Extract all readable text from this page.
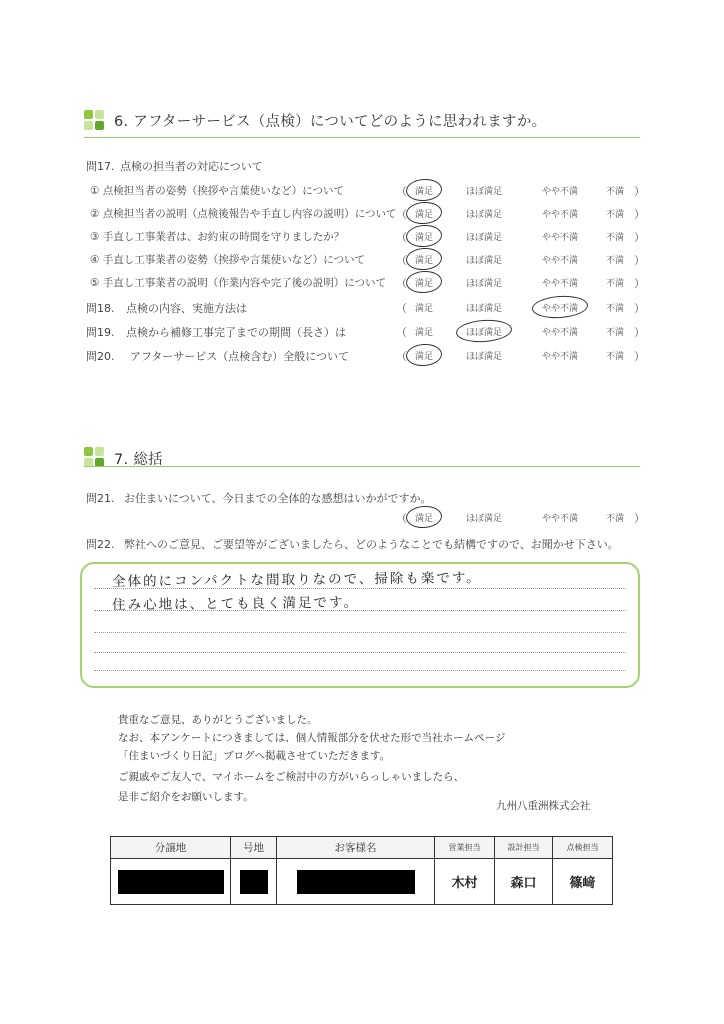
6. アフターサービス（点検）についてどのように思われますか。
問17. 点検の担当者の対応について
① 点検担当者の姿勢（挨拶や言葉使いなど）について	（ 満足	ほぼ満足	やや不満	不満 ）
② 点検担当者の説明（点検後報告や手直し内容の説明）について （ 満足	ほぼ満足	やや不満	不満 ）
③ 手直し工事業者は、お約束の時間を守りましたか？	（ 満足	ほぼ満足	やや不満	不満 ）
④ 手直し工事業者の姿勢（挨拶や言葉使いなど）について	（ 満足	ほぼ満足	やや不満	不満 ）
⑤ 手直し工事業者の説明（作業内容や完了後の説明）について （ 満足	ほぼ満足	やや不満	不満 ）
問18. 点検の内容、実施方法は	（ 満足	ほぼ満足	やや不満	不満 ）
問19. 点検から補修工事完了までの期間（長さ）は	（ 満足	ほぼ満足	やや不満	不満 ）
問20. アフターサービス（点検含む）全般について	（ 満足	ほぼ満足	やや不満	不満 ）
7. 総括
問21. お住まいについて、今日までの全体的な感想はいかがですか。
（ 満足	ほぼ満足	やや不満	不満 ）
問22. 弊社へのご意見、ご要望等がございましたら、どのようなことでも結構ですので、お聞かせ下さい。
全体的にコンパクトな間取りなので、掃除も楽です。
住み心地は、とても良く満足です。
貴重なご意見、ありがとうございました。
なお、本アンケートにつきましては、個人情報部分を伏せた形で当社ホームページ
「住まいづくり日記」ブログへ掲載させていただきます。
ご親戚やご友人で、マイホームをご検討中の方がいらっしゃいましたら、
是非ご紹介をお願いします。
九州八重洲株式会社
分譲地	号地	お客様名	営業担当	設計担当	点検担当
			木村	森口	篠﨑
